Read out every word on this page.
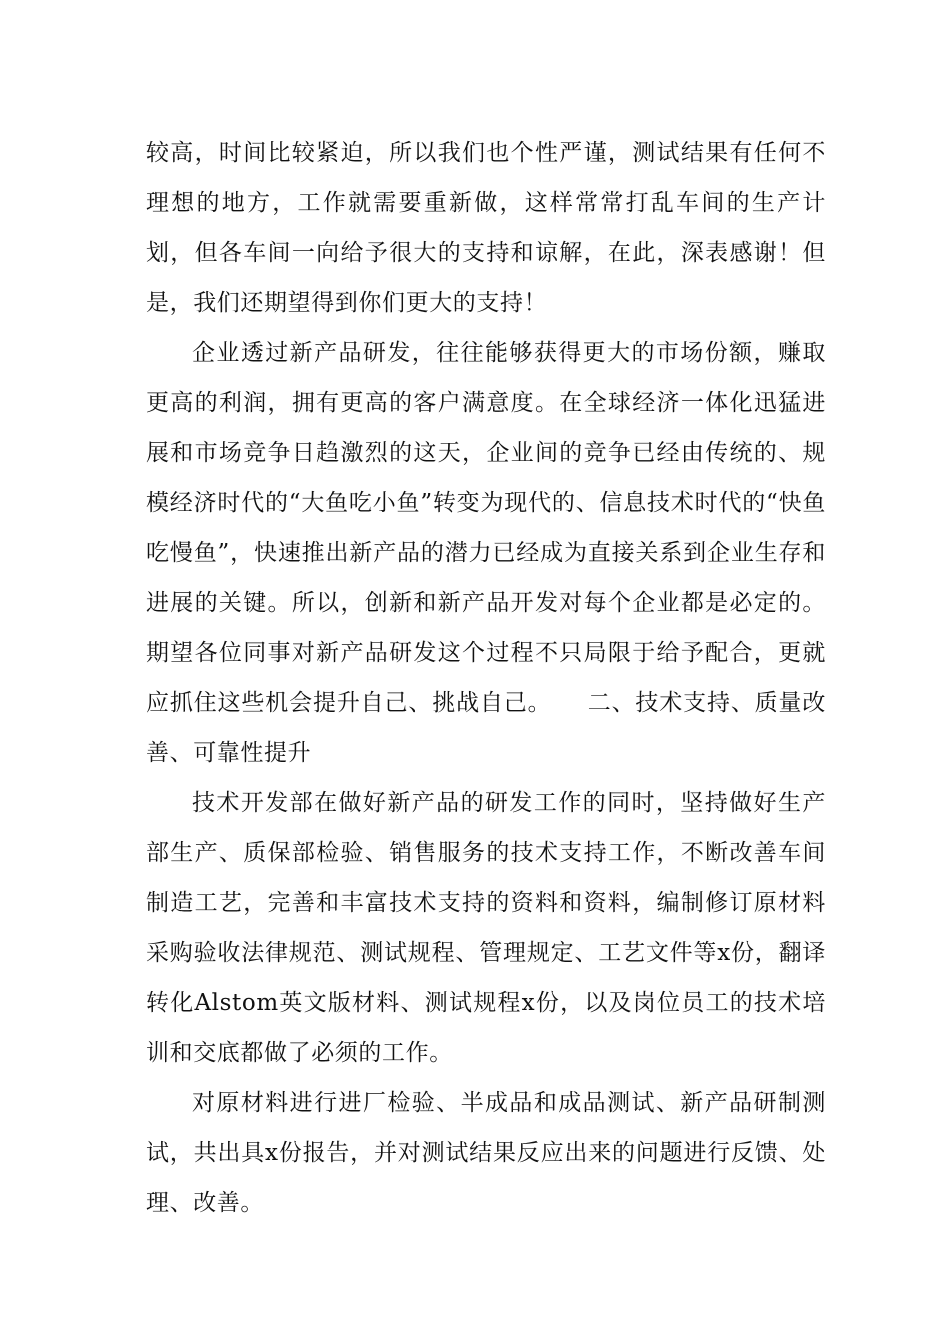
较高，时间比较紧迫，所以我们也个性严谨，测试结果有任何不理想的地方，工作就需要重新做，这样常常打乱车间的生产计划，但各车间一向给予很大的支持和谅解，在此，深表感谢！但是，我们还期望得到你们更大的支持！

企业透过新产品研发，往往能够获得更大的市场份额，赚取更高的利润，拥有更高的客户满意度。在全球经济一体化迅猛进展和市场竞争日趋激烈的这天，企业间的竞争已经由传统的、规模经济时代的“大鱼吃小鱼”转变为现代的、信息技术时代的“快鱼吃慢鱼”，快速推出新产品的潜力已经成为直接关系到企业生存和进展的关键。所以，创新和新产品开发对每个企业都是必定的。期望各位同事对新产品研发这个过程不只局限于给予配合，更就应抓住这些机会提升自己、挑战自己。　　二、技术支持、质量改善、可靠性提升

技术开发部在做好新产品的研发工作的同时，坚持做好生产部生产、质保部检验、销售服务的技术支持工作，不断改善车间制造工艺，完善和丰富技术支持的资料和资料，编制修订原材料采购验收法律规范、测试规程、管理规定、工艺文件等x份，翻译转化Alstom英文版材料、测试规程x份，以及岗位员工的技术培训和交底都做了必须的工作。

对原材料进行进厂检验、半成品和成品测试、新产品研制测试，共出具x份报告，并对测试结果反应出来的问题进行反馈、处理、改善。
